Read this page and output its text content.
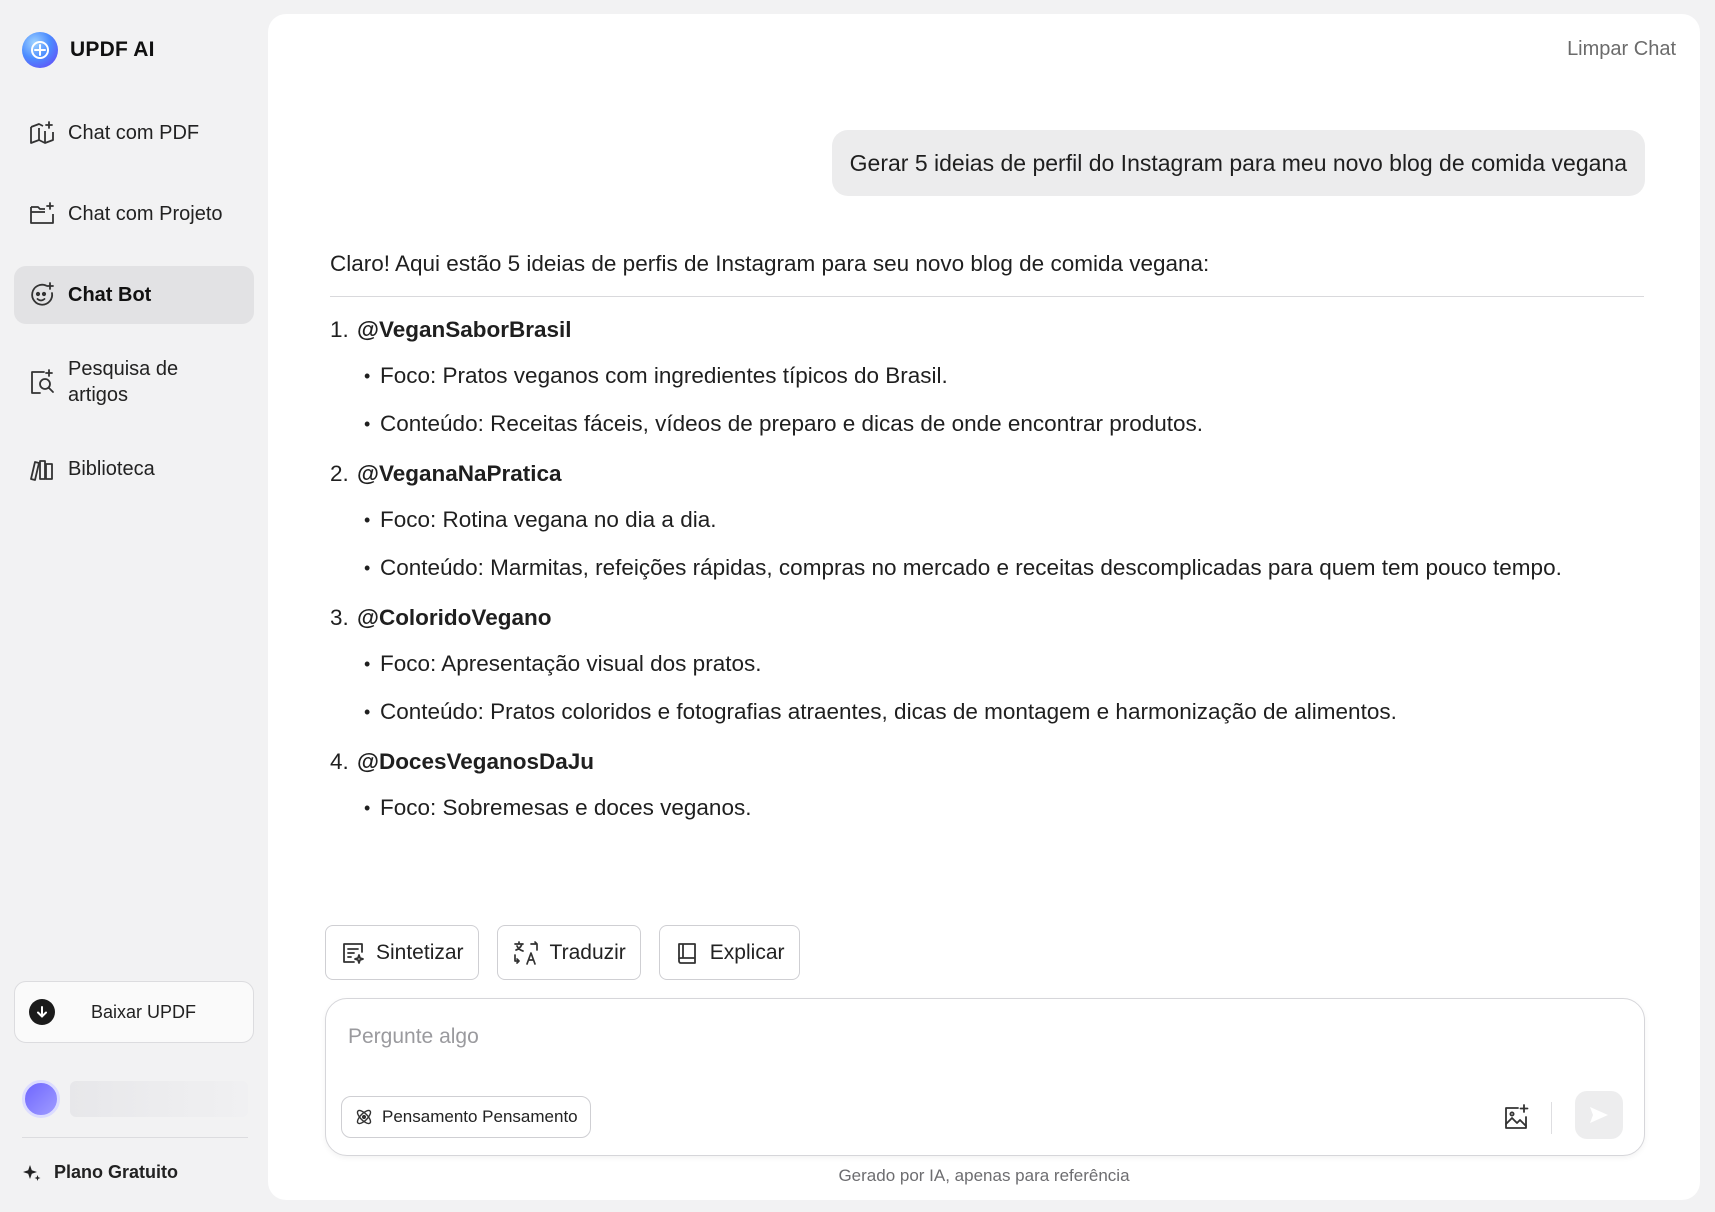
UPDF AI
Chat com PDF
Chat com Projeto
Chat Bot
Pesquisa de artigos
Biblioteca
Baixar UPDF
Plano Gratuito
Limpar Chat
Gerar 5 ideias de perfil do Instagram para meu novo blog de comida vegana
Claro! Aqui estão 5 ideias de perfis de Instagram para seu novo blog de comida vegana:
1. @VeganSaborBrasil
• Foco: Pratos veganos com ingredientes típicos do Brasil.
• Conteúdo: Receitas fáceis, vídeos de preparo e dicas de onde encontrar produtos.
2. @VeganaNaPratica
• Foco: Rotina vegana no dia a dia.
• Conteúdo: Marmitas, refeições rápidas, compras no mercado e receitas descomplicadas para quem tem pouco tempo.
3. @ColoridoVegano
• Foco: Apresentação visual dos pratos.
• Conteúdo: Pratos coloridos e fotografias atraentes, dicas de montagem e harmonização de alimentos.
4. @DocesVeganosDaJu
• Foco: Sobremesas e doces veganos.
Sintetizar	Traduzir	Explicar
Pergunte algo
Pensamento Pensamento
Gerado por IA, apenas para referência
